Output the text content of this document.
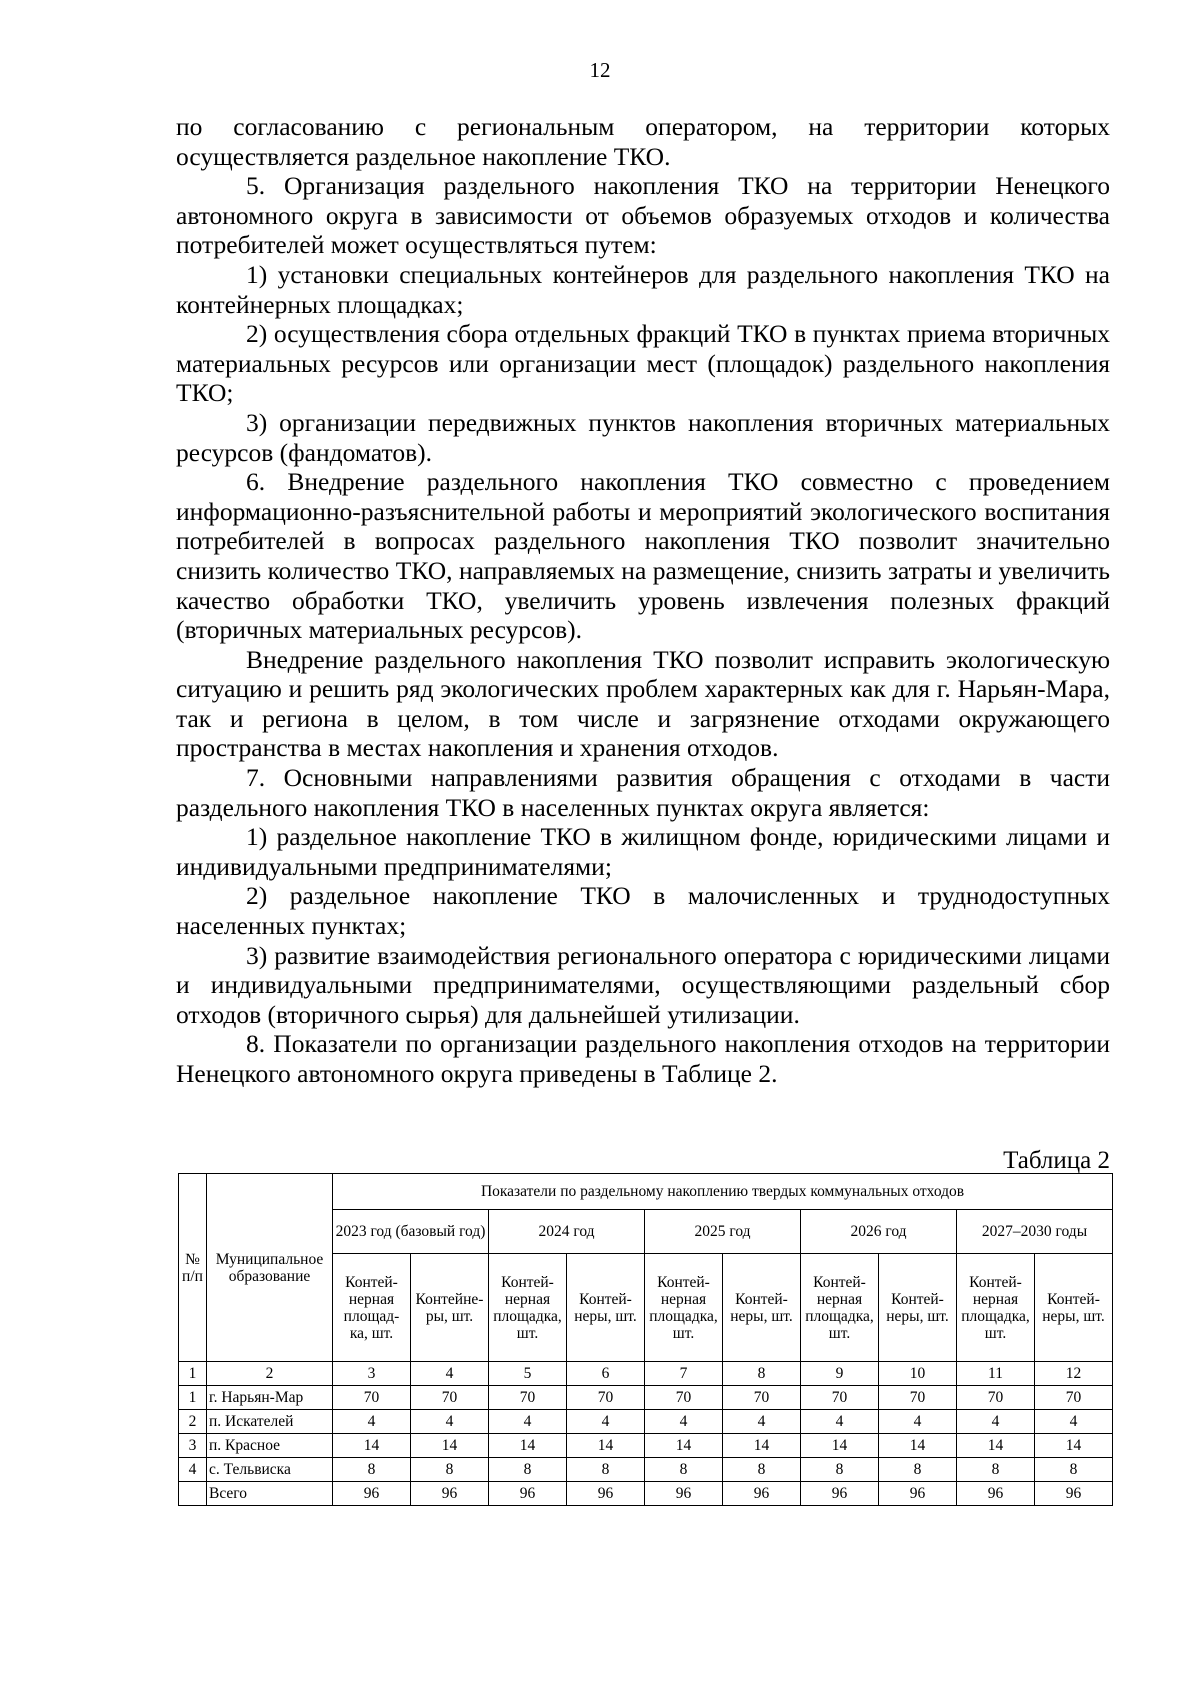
12

по согласованию с региональным оператором, на территории которых осуществляется раздельное накопление ТКО.

5. Организация раздельного накопления ТКО на территории Ненецкого автономного округа в зависимости от объемов образуемых отходов и количества потребителей может осуществляться путем:

1) установки специальных контейнеров для раздельного накопления ТКО на контейнерных площадках;

2) осуществления сбора отдельных фракций ТКО в пунктах приема вторичных материальных ресурсов или организации мест (площадок) раздельного накопления ТКО;

3) организации передвижных пунктов накопления вторичных материальных ресурсов (фандоматов).

6. Внедрение раздельного накопления ТКО совместно с проведением информационно-разъяснительной работы и мероприятий экологического воспитания потребителей в вопросах раздельного накопления ТКО позволит значительно снизить количество ТКО, направляемых на размещение, снизить затраты и увеличить качество обработки ТКО, увеличить уровень извлечения полезных фракций (вторичных материальных ресурсов).

Внедрение раздельного накопления ТКО позволит исправить экологическую ситуацию и решить ряд экологических проблем характерных как для г. Нарьян-Мара, так и региона в целом, в том числе и загрязнение отходами окружающего пространства в местах накопления и хранения отходов.

7. Основными направлениями развития обращения с отходами в части раздельного накопления ТКО в населенных пунктах округа является:

1) раздельное накопление ТКО в жилищном фонде, юридическими лицами и индивидуальными предпринимателями;

2) раздельное накопление ТКО в малочисленных и труднодоступных населенных пунктах;

3) развитие взаимодействия регионального оператора с юридическими лицами и индивидуальными предпринимателями, осуществляющими раздельный сбор отходов (вторичного сырья) для дальнейшей утилизации.

8. Показатели по организации раздельного накопления отходов на территории Ненецкого автономного округа приведены в Таблице 2.

Таблица 2
№ п/п	Муниципальное образование	Показатели по раздельному накоплению твердых коммунальных отходов									
		2023 год (базовый год)		2024 год		2025 год		2026 год		2027–2030 годы	
		Контей-нерная площад-ка, шт.	Контейне-ры, шт.	Контей-нерная площадка, шт.	Контей-неры, шт.	Контей-нерная площадка, шт.	Контей-неры, шт.	Контей-нерная площадка, шт.	Контей-неры, шт.	Контей-нерная площадка, шт.	Контей-неры, шт.
1	2	3	4	5	6	7	8	9	10	11	12
1	г. Нарьян-Мар	70	70	70	70	70	70	70	70	70	70
2	п. Искателей	4	4	4	4	4	4	4	4	4	4
3	п. Красное	14	14	14	14	14	14	14	14	14	14
4	с. Тельвиска	8	8	8	8	8	8	8	8	8	8
	Всего	96	96	96	96	96	96	96	96	96	96
